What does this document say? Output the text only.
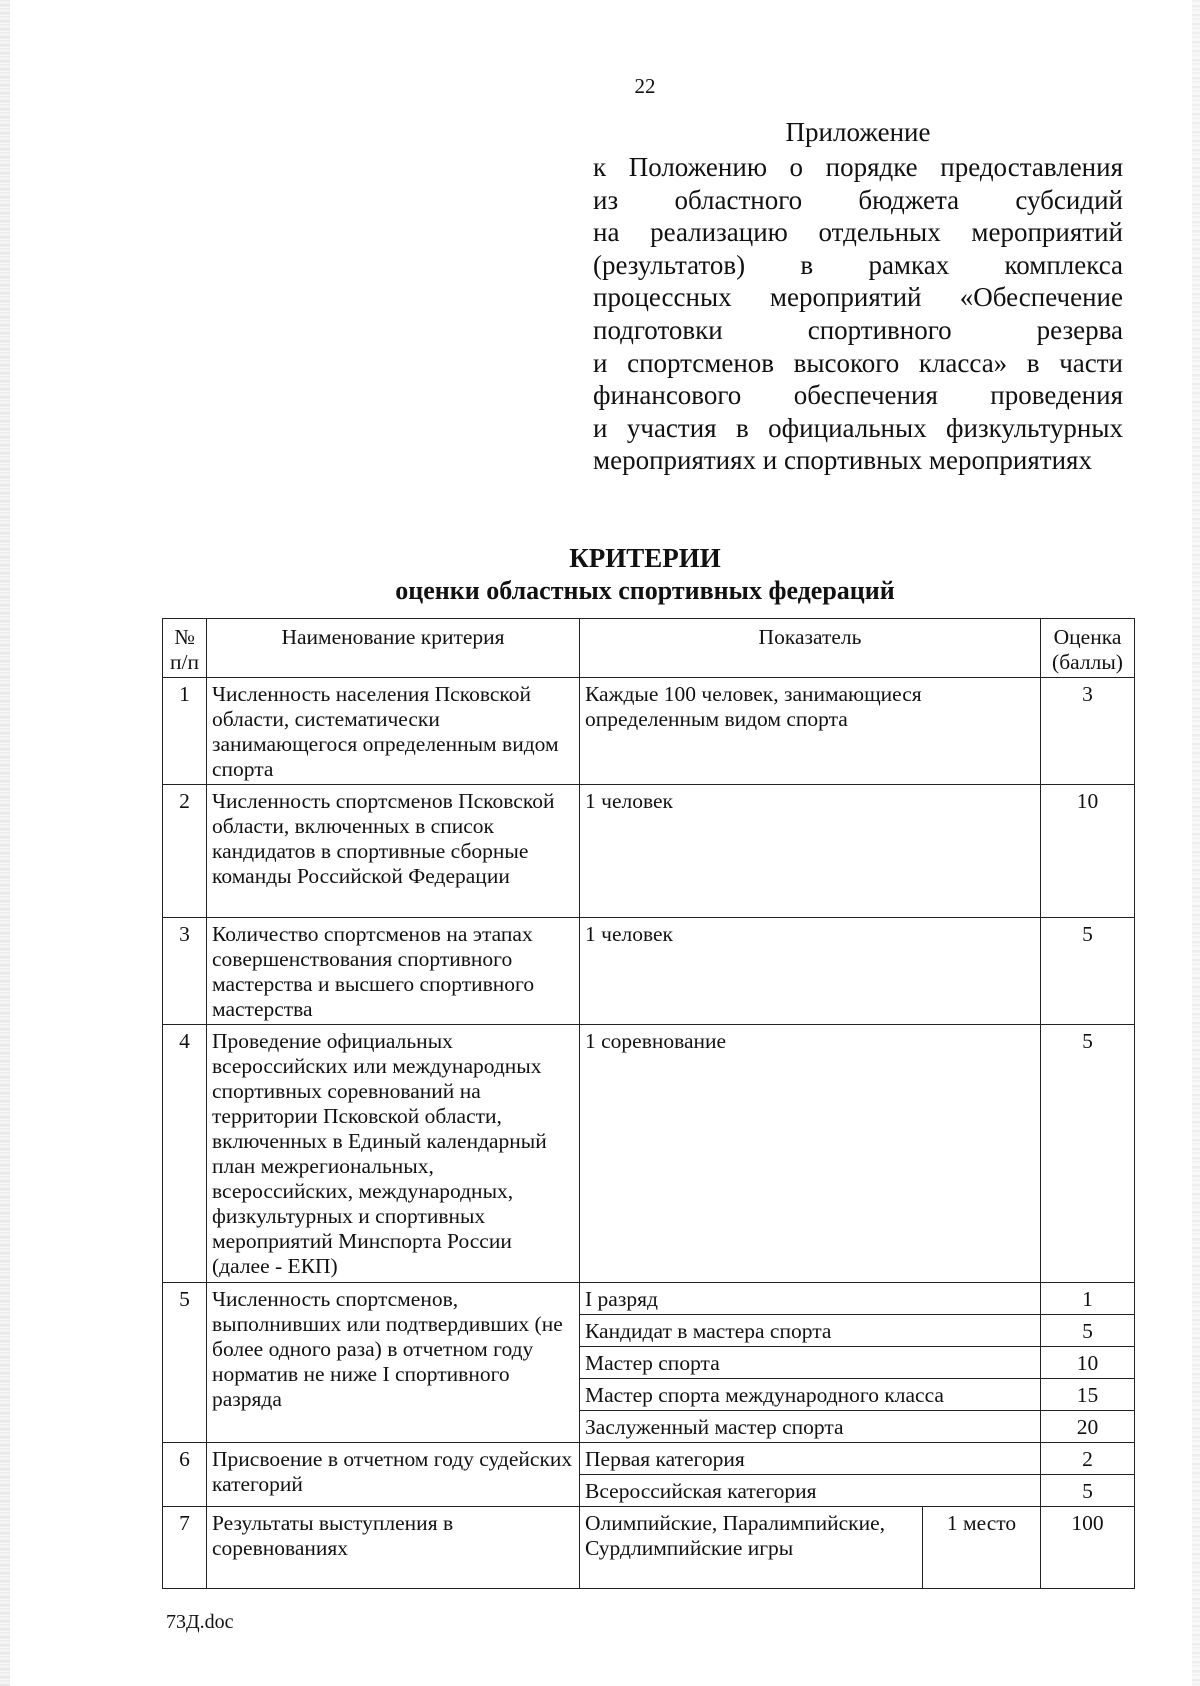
22
Приложение
к Положению о порядке предоставления
из областного бюджета субсидий
на реализацию отдельных мероприятий
(результатов) в рамках комплекса
процессных мероприятий «Обеспечение
подготовки спортивного резерва
и спортсменов высокого класса» в части
финансового обеспечения проведения
и участия в официальных физкультурных
мероприятиях и спортивных мероприятиях
КРИТЕРИИ
оценки областных спортивных федераций
№ п/п	Наименование критерия	Показатель		Оценка (баллы)
1	Численность населения Псковской области, систематически занимающегося определенным видом спорта	Каждые 100 человек, занимающиеся определенным видом спорта		3
2	Численность спортсменов Псковской области, включенных в список кандидатов в спортивные сборные команды Российской Федерации	1 человек		10
3	Количество спортсменов на этапах совершенствования спортивного мастерства и высшего спортивного мастерства	1 человек		5
4	Проведение официальных всероссийских или международных спортивных соревнований на территории Псковской области, включенных в Единый календарный план межрегиональных, всероссийских, международных, физкультурных и спортивных мероприятий Минспорта России (далее - ЕКП)	1 соревнование		5
5	Численность спортсменов, выполнивших или подтвердивших (не более одного раза) в отчетном году норматив не ниже I спортивного разряда	I разряд		1
		Кандидат в мастера спорта		5
		Мастер спорта		10
		Мастер спорта международного класса		15
		Заслуженный мастер спорта		20
6	Присвоение в отчетном году судейских категорий	Первая категория		2
		Всероссийская категория		5
7	Результаты выступления в соревнованиях	Олимпийские, Паралимпийские, Сурдлимпийские игры	1 место	100
73Д.doc
